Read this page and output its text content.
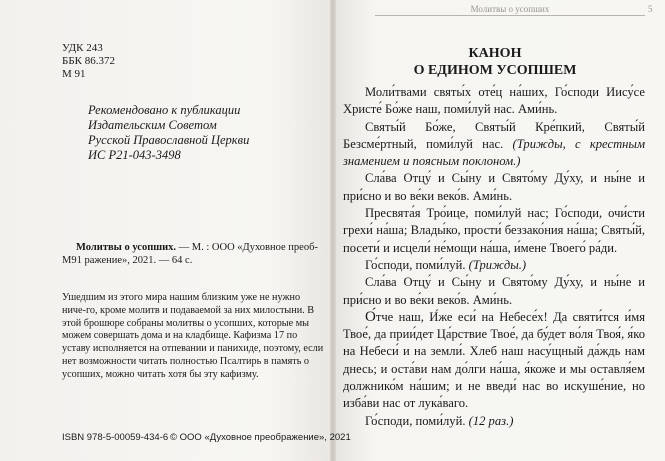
УДК 243
ББК 86.372
М 91
Рекомендовано к публикации
Издательским Советом
Русской Православной Церкви
ИС Р21-043-3498
Молитвы о усопших. — М. : ООО «Духовное преоб-
М91 ражение», 2021. — 64 с.
Ушедшим из этого мира нашим близким уже не нужно ниче-го, кроме молитв и подаваемой за них милостыни. В этой брошюре собраны молитвы о усопших, которые мы можем совершать дома и на кладбище. Кафизма 17 по уставу исполняется на отпевании и панихиде, поэтому, если нет возможности читать полностью Псалтирь в память о усопших, можно читать хотя бы эту кафизму.
ISBN 978-5-00059-434-6 © ООО «Духовное преображение», 2021
Молитвы о усопших	5
КАНОН
О ЕДИНОМ УСОПШЕМ

Моли́твами святы́х оте́ц на́ших, Го́споди Иису́се Христе́ Бо́же наш, поми́луй нас. Ами́нь.

Святы́й Бо́же, Святы́й Кре́пкий, Святы́й Безсме́ртный, поми́луй нас. (Трижды, с крестным знамением и поясным поклоном.)

Сла́ва Отцу́ и Сы́ну и Свято́му Ду́ху, и ны́не и при́сно и во ве́ки веко́в. Ами́нь.

Пресвята́я Тро́ице, поми́луй нас; Го́споди, очи́сти грехи́ на́ша; Влады́ко, прости́ беззако́ния на́ша; Святы́й, посети́ и исцели́ не́мощи на́ша, и́мене Твоего́ ра́ди.

Го́споди, поми́луй. (Трижды.)

Сла́ва Отцу́ и Сы́ну и Свято́му Ду́ху, и ны́не и при́сно и во ве́ки веко́в. Ами́нь.

О́тче наш, И́же еси́ на Небесе́х! Да святи́тся и́мя Твое́, да прии́дет Ца́рствие Твое́, да бу́дет во́ля Твоя́, я́ко на Небеси́ и на земли́. Хлеб наш насу́щный да́ждь нам днесь; и оста́ви нам до́лги на́ша, я́коже и мы оставля́ем должнико́м на́шим; и не введи́ нас во искуше́ние, но изба́ви нас от лука́ваго.

Го́споди, поми́луй. (12 раз.)
